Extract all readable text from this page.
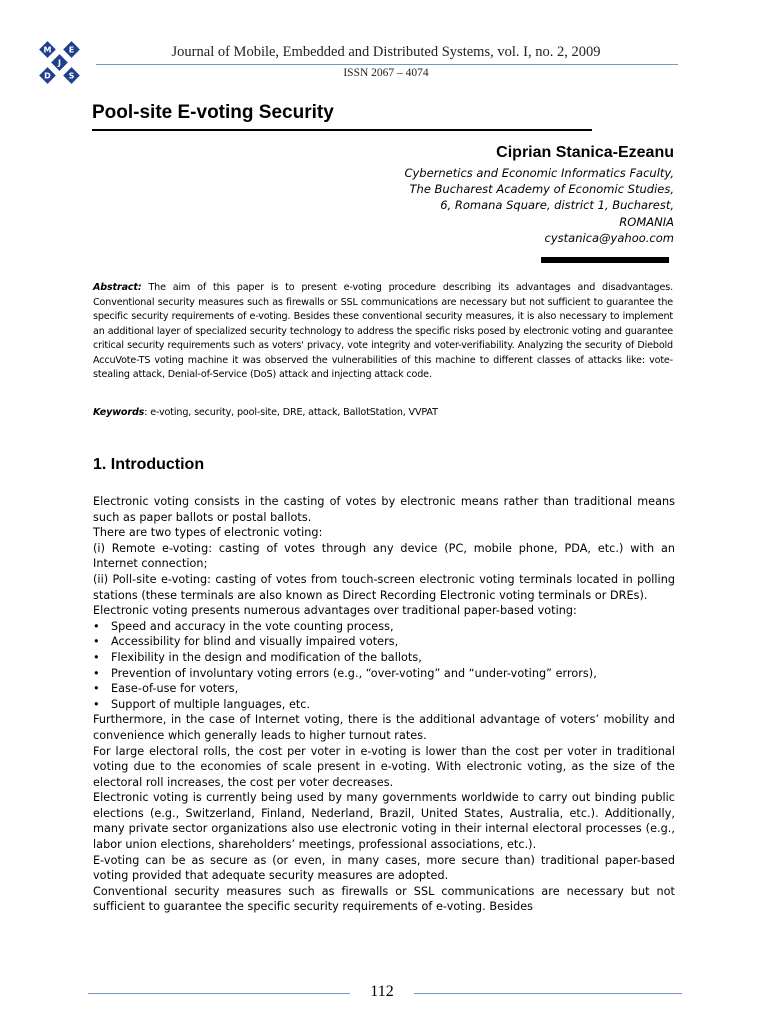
M E
J
D S
Journal of Mobile, Embedded and Distributed Systems, vol. I, no. 2, 2009
ISSN 2067 – 4074
Pool-site E-voting Security
Ciprian Stanica-Ezeanu
Cybernetics and Economic Informatics Faculty,
The Bucharest Academy of Economic Studies,
6, Romana Square, district 1, Bucharest,
ROMANIA
cystanica@yahoo.com

Abstract: The aim of this paper is to present e-voting procedure describing its advantages and disadvantages. Conventional security measures such as firewalls or SSL communications are necessary but not sufficient to guarantee the specific security requirements of e-voting. Besides these conventional security measures, it is also necessary to implement an additional layer of specialized security technology to address the specific risks posed by electronic voting and guarantee critical security requirements such as voters' privacy, vote integrity and voter-verifiability. Analyzing the security of Diebold AccuVote-TS voting machine it was observed the vulnerabilities of this machine to different classes of attacks like: vote-stealing attack, Denial-of-Service (DoS) attack and injecting attack code.

Keywords: e-voting, security, pool-site, DRE, attack, BallotStation, VVPAT

1. Introduction

Electronic voting consists in the casting of votes by electronic means rather than traditional means such as paper ballots or postal ballots.

There are two types of electronic voting:

(i) Remote e-voting: casting of votes through any device (PC, mobile phone, PDA, etc.) with an Internet connection;

(ii) Poll-site e-voting: casting of votes from touch-screen electronic voting terminals located in polling stations (these terminals are also known as Direct Recording Electronic voting terminals or DREs).

Electronic voting presents numerous advantages over traditional paper-based voting:

• Speed and accuracy in the vote counting process,
• Accessibility for blind and visually impaired voters,
• Flexibility in the design and modification of the ballots,
• Prevention of involuntary voting errors (e.g., “over-voting” and “under-voting” errors),
• Ease-of-use for voters,
• Support of multiple languages, etc.

Furthermore, in the case of Internet voting, there is the additional advantage of voters’ mobility and convenience which generally leads to higher turnout rates.

For large electoral rolls, the cost per voter in e-voting is lower than the cost per voter in traditional voting due to the economies of scale present in e-voting. With electronic voting, as the size of the electoral roll increases, the cost per voter decreases.

Electronic voting is currently being used by many governments worldwide to carry out binding public elections (e.g., Switzerland, Finland, Nederland, Brazil, United States, Australia, etc.). Additionally, many private sector organizations also use electronic voting in their internal electoral processes (e.g., labor union elections, shareholders’ meetings, professional associations, etc.).

E-voting can be as secure as (or even, in many cases, more secure than) traditional paper-based voting provided that adequate security measures are adopted.

Conventional security measures such as firewalls or SSL communications are necessary but not sufficient to guarantee the specific security requirements of e-voting. Besides

112
